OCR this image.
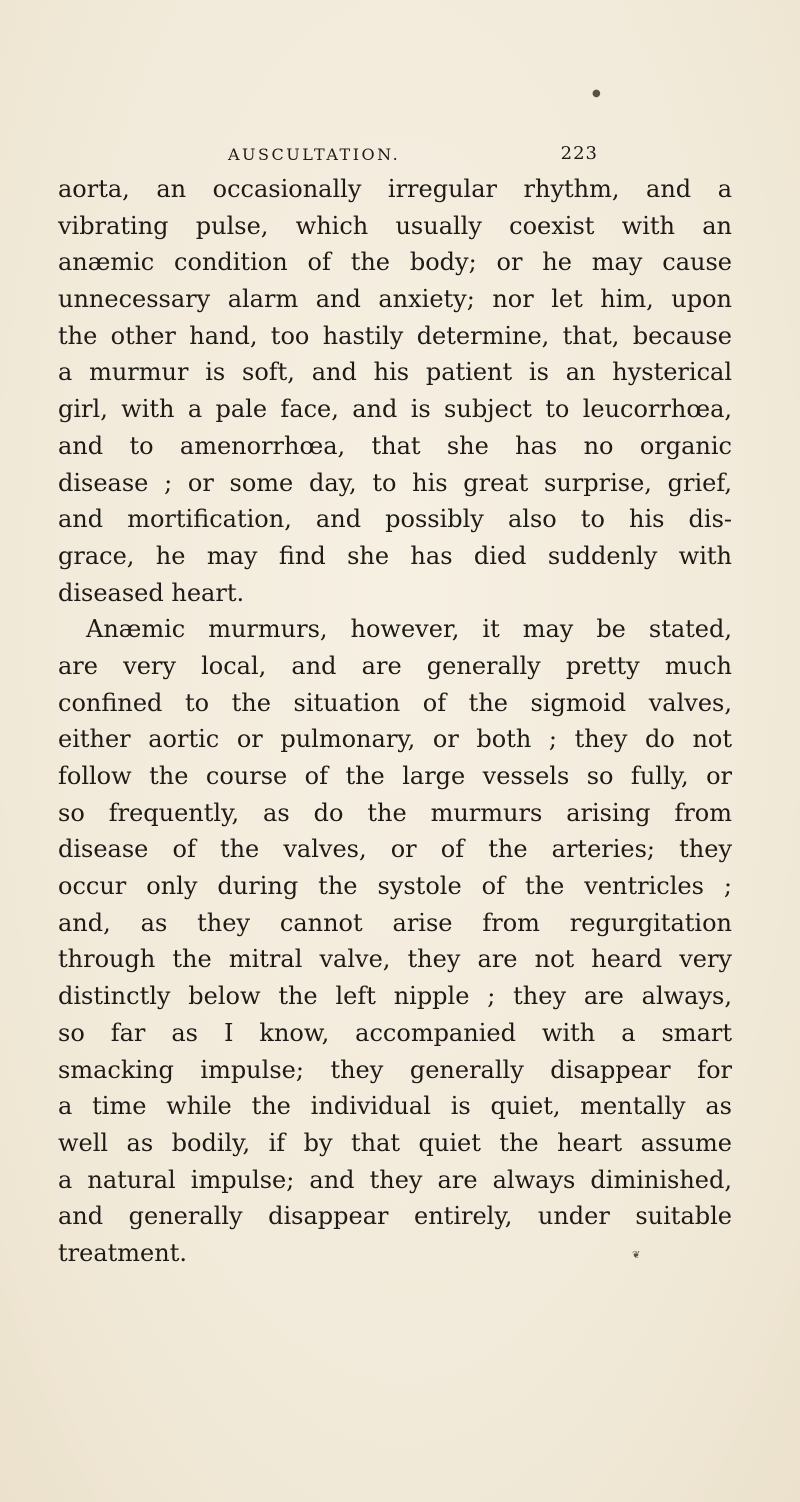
●
AUSCULTATION.	223
aorta, an occasionally irregular rhythm, and a
vibrating pulse, which usually coexist with an
anæmic condition of the body; or he may cause
unnecessary alarm and anxiety; nor let him, upon
the other hand, too hastily determine, that, because
a murmur is soft, and his patient is an hysterical
girl, with a pale face, and is subject to leucorrhœa,
and to amenorrhœa, that she has no organic
disease ; or some day, to his great surprise, grief,
and mortification, and possibly also to his dis-
grace, he may find she has died suddenly with
diseased heart.
Anæmic murmurs, however, it may be stated,
are very local, and are generally pretty much
confined to the situation of the sigmoid valves,
either aortic or pulmonary, or both ; they do not
follow the course of the large vessels so fully, or
so frequently, as do the murmurs arising from
disease of the valves, or of the arteries; they
occur only during the systole of the ventricles ;
and, as they cannot arise from regurgitation
through the mitral valve, they are not heard very
distinctly below the left nipple ; they are always,
so far as I know, accompanied with a smart
smacking impulse; they generally disappear for
a time while the individual is quiet, mentally as
well as bodily, if by that quiet the heart assume
a natural impulse; and they are always diminished,
and generally disappear entirely, under suitable
treatment.	❦
